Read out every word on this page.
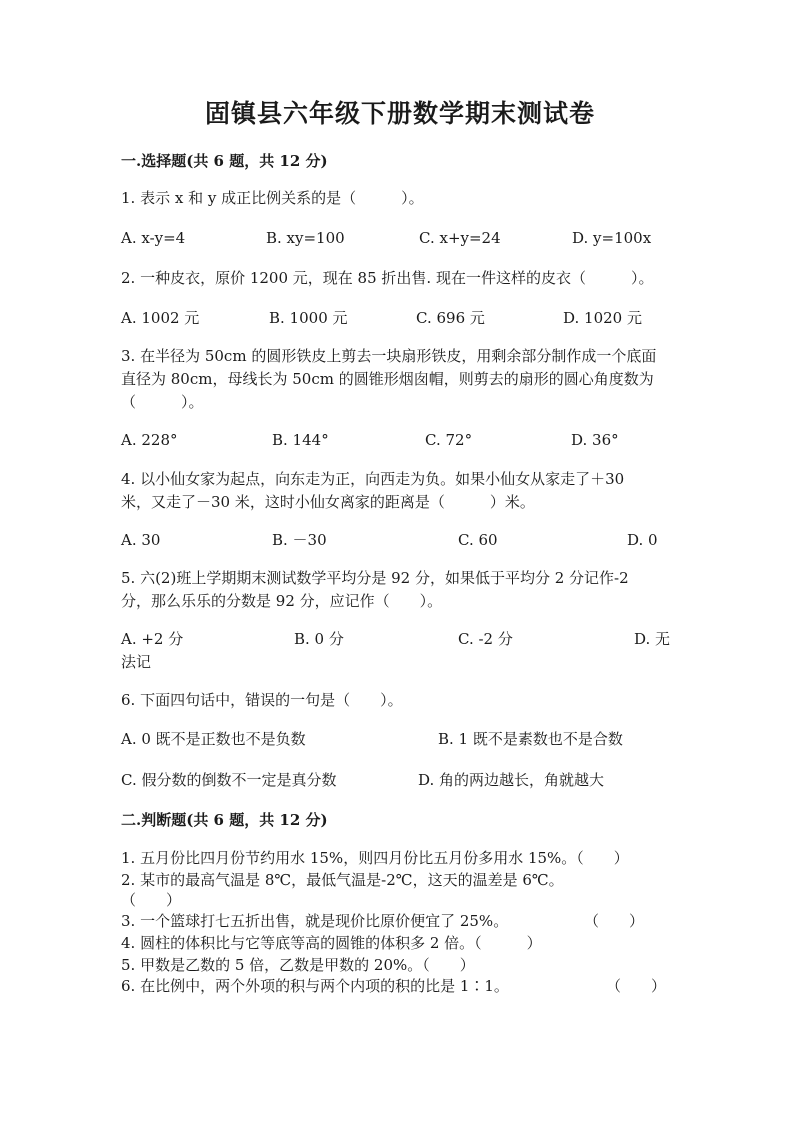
固镇县六年级下册数学期末测试卷
一.选择题(共 6 题，共 12 分)
1. 表示 x 和 y 成正比例关系的是（　　　）。
A. x-y=4	B. xy=100	C. x+y=24	D. y=100x
2. 一种皮衣，原价 1200 元，现在 85 折出售. 现在一件这样的皮衣（　　　）。
A. 1002 元	B. 1000 元	C. 696 元	D. 1020 元
3. 在半径为 50cm 的圆形铁皮上剪去一块扇形铁皮，用剩余部分制作成一个底面
直径为 80cm，母线长为 50cm 的圆锥形烟囱帽，则剪去的扇形的圆心角度数为
（　　　）。
A. 228°	B. 144°	C. 72°	D. 36°
4. 以小仙女家为起点，向东走为正，向西走为负。如果小仙女从家走了＋30
米，又走了－30 米，这时小仙女离家的距离是（　　　）米。
A. 30	B. －30	C. 60	D. 0
5. 六(2)班上学期期末测试数学平均分是 92 分，如果低于平均分 2 分记作-2
分，那么乐乐的分数是 92 分，应记作（　　）。
A. +2 分	B. 0 分	C. -2 分	D. 无
法记
6. 下面四句话中，错误的一句是（　　）。
A. 0 既不是正数也不是负数	B. 1 既不是素数也不是合数
C. 假分数的倒数不一定是真分数	D. 角的两边越长，角就越大
二.判断题(共 6 题，共 12 分)
1. 五月份比四月份节约用水 15%，则四月份比五月份多用水 15%。（　　）
2. 某市的最高气温是 8℃，最低气温是-2℃，这天的温差是 6℃。
（　　）
3. 一个篮球打七五折出售，就是现价比原价便宜了 25%。	（　　）
4. 圆柱的体积比与它等底等高的圆锥的体积多 2 倍。（　　　）
5. 甲数是乙数的 5 倍，乙数是甲数的 20%。（　　）
6. 在比例中，两个外项的积与两个内项的积的比是 1∶1。	（　　）
